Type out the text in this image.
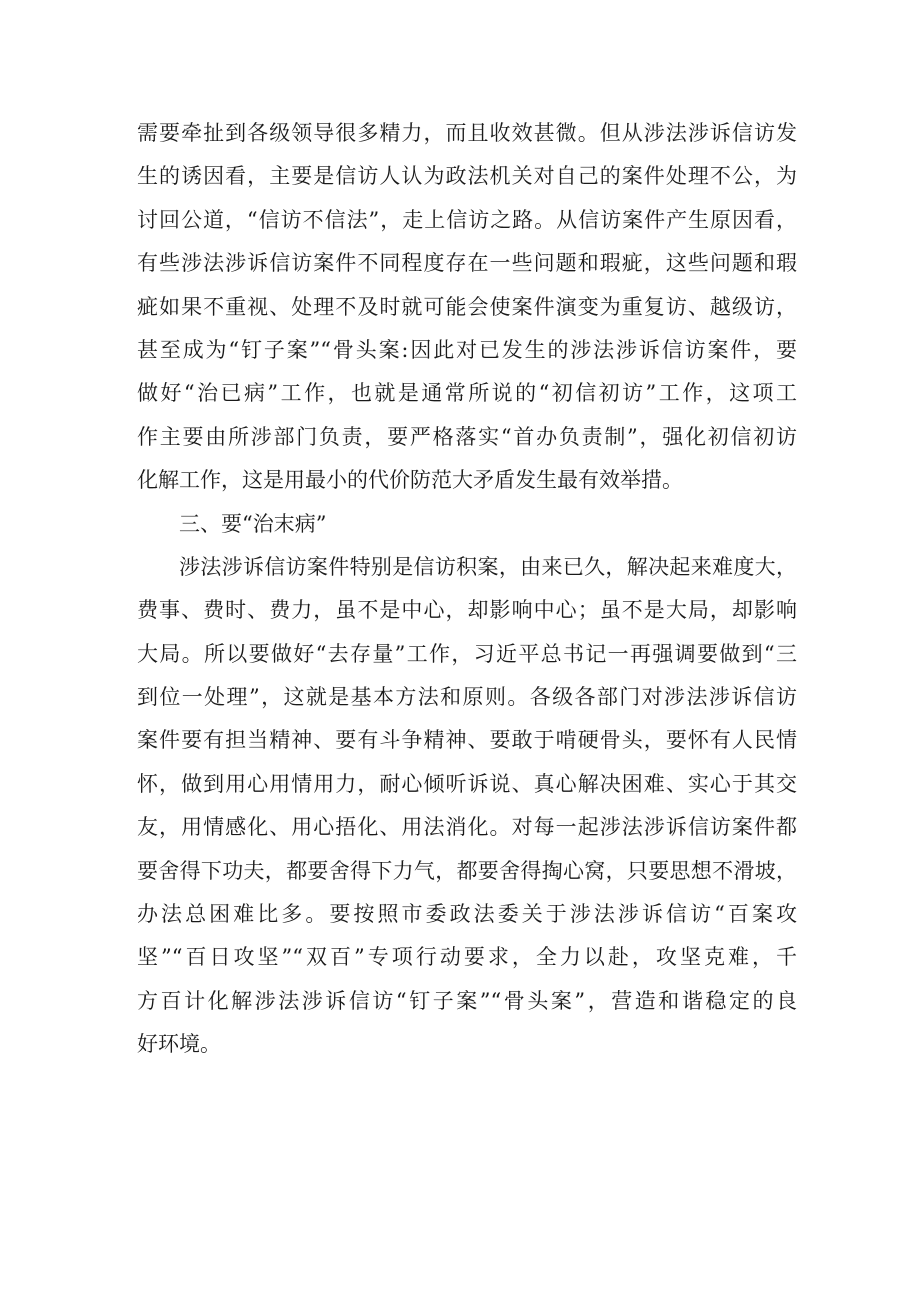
需要牵扯到各级领导很多精力，而且收效甚微。但从涉法涉诉信访发
生的诱因看，主要是信访人认为政法机关对自己的案件处理不公，为
讨回公道，“信访不信法”，走上信访之路。从信访案件产生原因看，
有些涉法涉诉信访案件不同程度存在一些问题和瑕疵，这些问题和瑕
疵如果不重视、处理不及时就可能会使案件演变为重复访、越级访，
甚至成为“钉子案”“骨头案:因此对已发生的涉法涉诉信访案件，要
做好“治已病”工作，也就是通常所说的“初信初访”工作，这项工
作主要由所涉部门负责，要严格落实“首办负责制”，强化初信初访
化解工作，这是用最小的代价防范大矛盾发生最有效举措。
三、要“治末病”
涉法涉诉信访案件特别是信访积案，由来已久，解决起来难度大，
费事、费时、费力，虽不是中心，却影响中心；虽不是大局，却影响
大局。所以要做好“去存量”工作，习近平总书记一再强调要做到“三
到位一处理”，这就是基本方法和原则。各级各部门对涉法涉诉信访
案件要有担当精神、要有斗争精神、要敢于啃硬骨头，要怀有人民情
怀，做到用心用情用力，耐心倾听诉说、真心解决困难、实心于其交
友，用情感化、用心捂化、用法消化。对每一起涉法涉诉信访案件都
要舍得下功夫，都要舍得下力气，都要舍得掏心窝，只要思想不滑坡，
办法总困难比多。要按照市委政法委关于涉法涉诉信访“百案攻
坚”“百日攻坚”“双百”专项行动要求，全力以赴，攻坚克难，千
方百计化解涉法涉诉信访“钉子案”“骨头案”，营造和谐稳定的良
好环境。
